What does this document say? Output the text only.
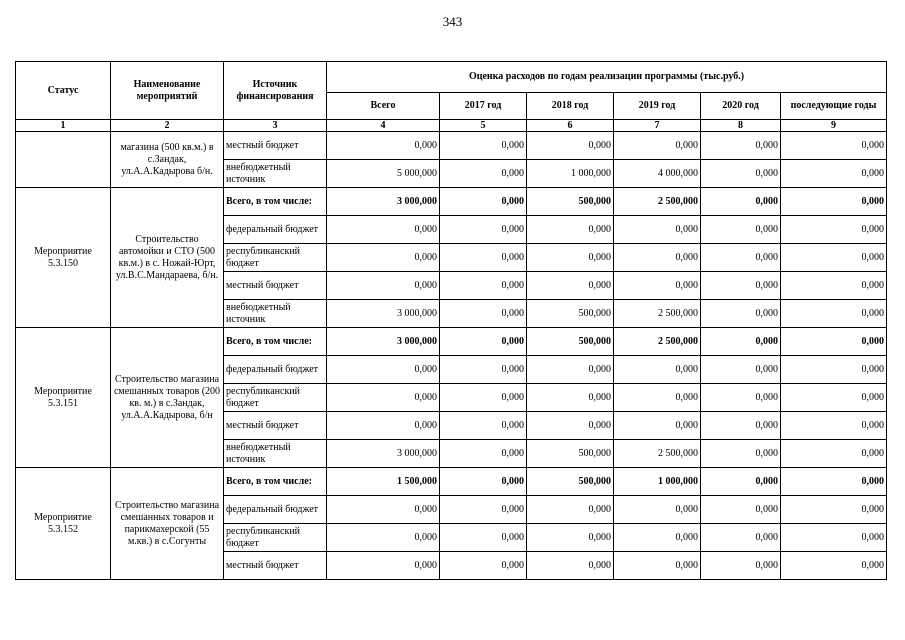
343
Статус	Наименование мероприятий	Источник финансирования	Оценка расходов по годам реализации программы (тыс.руб.)					
			Всего	2017 год	2018 год	2019 год	2020 год	последующие годы
1	2	3	4	5	6	7	8	9
	магазина (500 кв.м.) в с.Зандак, ул.А.А.Кадырова б/н.	местный бюджет	0,000	0,000	0,000	0,000	0,000	0,000
		внебюджетный источник	5 000,000	0,000	1 000,000	4 000,000	0,000	0,000
Мероприятие 5.3.150	Строительство автомойки и СТО (500 кв.м.) в с. Ножай-Юрт, ул.В.С.Мандараева, б/н.	Всего, в том числе:	3 000,000	0,000	500,000	2 500,000	0,000	0,000
		федеральный бюджет	0,000	0,000	0,000	0,000	0,000	0,000
		республиканский бюджет	0,000	0,000	0,000	0,000	0,000	0,000
		местный бюджет	0,000	0,000	0,000	0,000	0,000	0,000
		внебюджетный источник	3 000,000	0,000	500,000	2 500,000	0,000	0,000
Мероприятие 5.3.151	Строительство магазина смешанных товаров (200 кв. м.) в с.Зандак, ул.А.А.Кадырова, б/н	Всего, в том числе:	3 000,000	0,000	500,000	2 500,000	0,000	0,000
		федеральный бюджет	0,000	0,000	0,000	0,000	0,000	0,000
		республиканский бюджет	0,000	0,000	0,000	0,000	0,000	0,000
		местный бюджет	0,000	0,000	0,000	0,000	0,000	0,000
		внебюджетный источник	3 000,000	0,000	500,000	2 500,000	0,000	0,000
Мероприятие 5.3.152	Строительство магазина смешанных товаров и парикмахерской (55 м.кв.) в с.Согунты	Всего, в том числе:	1 500,000	0,000	500,000	1 000,000	0,000	0,000
		федеральный бюджет	0,000	0,000	0,000	0,000	0,000	0,000
		республиканский бюджет	0,000	0,000	0,000	0,000	0,000	0,000
		местный бюджет	0,000	0,000	0,000	0,000	0,000	0,000
